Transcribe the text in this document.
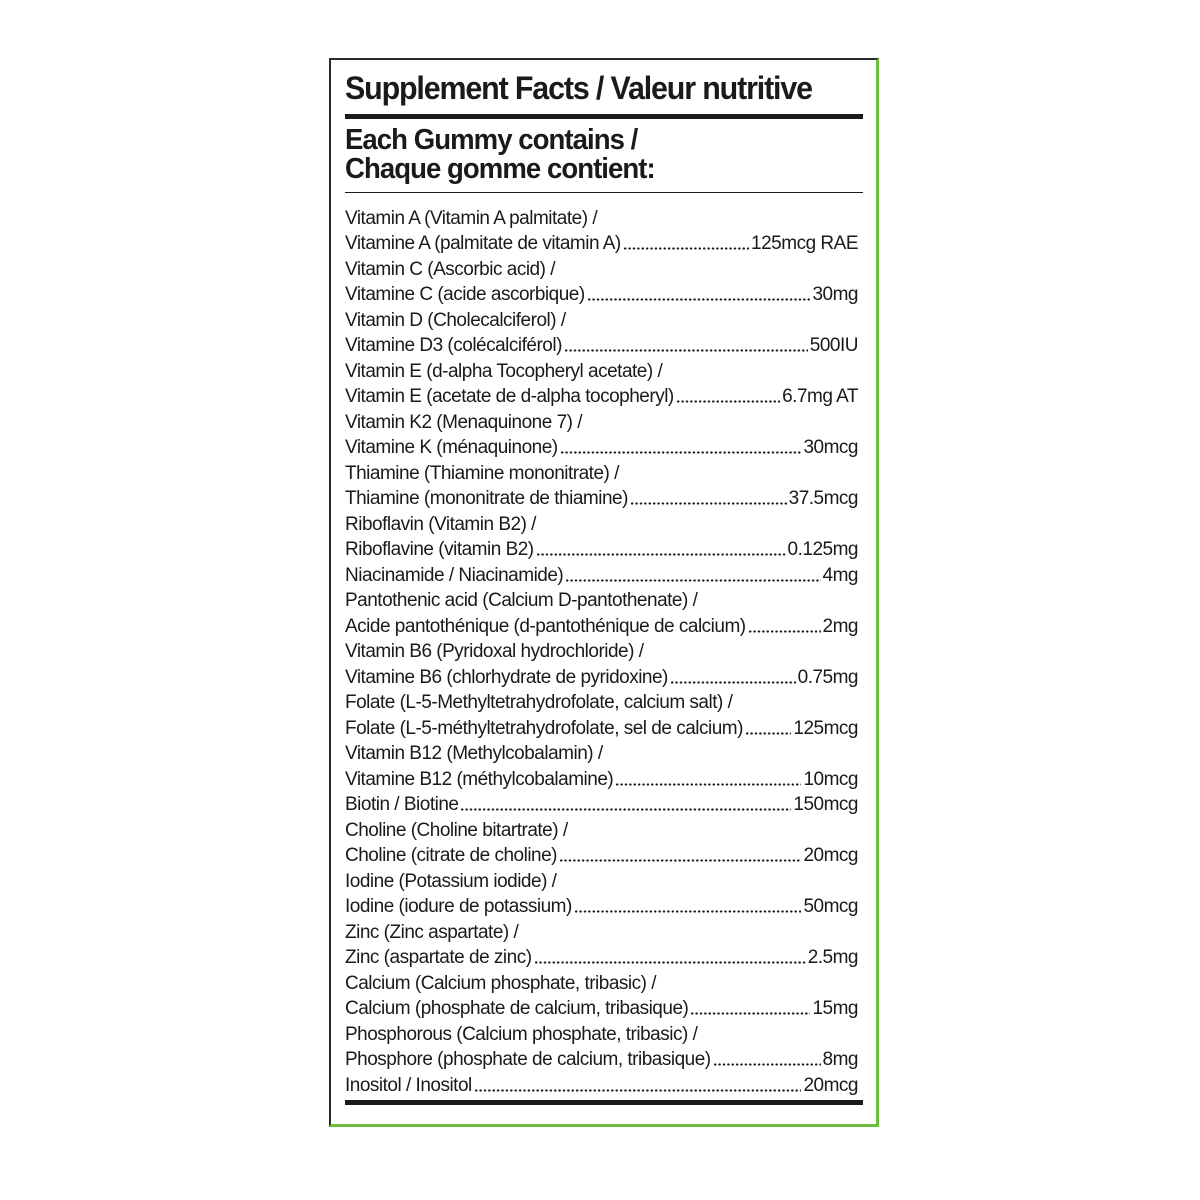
Supplement Facts / Valeur nutritive
Each Gummy contains /
Chaque gomme contient:
Vitamin A (Vitamin A palmitate) /
Vitamine A (palmitate de vitamin A)	125mcg RAE
Vitamin C (Ascorbic acid) /
Vitamine C (acide ascorbique)	30mg
Vitamin D (Cholecalciferol) /
Vitamine D3 (colécalciférol)	500IU
Vitamin E (d-alpha Tocopheryl acetate) /
Vitamin E (acetate de d-alpha tocopheryl)	6.7mg AT
Vitamin K2 (Menaquinone 7) /
Vitamine K (ménaquinone)	30mcg
Thiamine (Thiamine mononitrate) /
Thiamine (mononitrate de thiamine)	37.5mcg
Riboflavin (Vitamin B2) /
Riboflavine (vitamin B2)	0.125mg
Niacinamide / Niacinamide)	4mg
Pantothenic acid (Calcium D-pantothenate) /
Acide pantothénique (d-pantothénique de calcium)	2mg
Vitamin B6 (Pyridoxal hydrochloride) /
Vitamine B6 (chlorhydrate de pyridoxine)	0.75mg
Folate (L-5-Methyltetrahydrofolate, calcium salt) /
Folate (L-5-méthyltetrahydrofolate, sel de calcium)	125mcg
Vitamin B12 (Methylcobalamin) /
Vitamine B12 (méthylcobalamine)	10mcg
Biotin / Biotine	150mcg
Choline (Choline bitartrate) /
Choline (citrate de choline)	20mcg
Iodine (Potassium iodide) /
Iodine (iodure de potassium)	50mcg
Zinc (Zinc aspartate) /
Zinc (aspartate de zinc)	2.5mg
Calcium (Calcium phosphate, tribasic) /
Calcium (phosphate de calcium, tribasique)	15mg
Phosphorous (Calcium phosphate, tribasic) /
Phosphore (phosphate de calcium, tribasique)	8mg
Inositol / Inositol	20mcg
